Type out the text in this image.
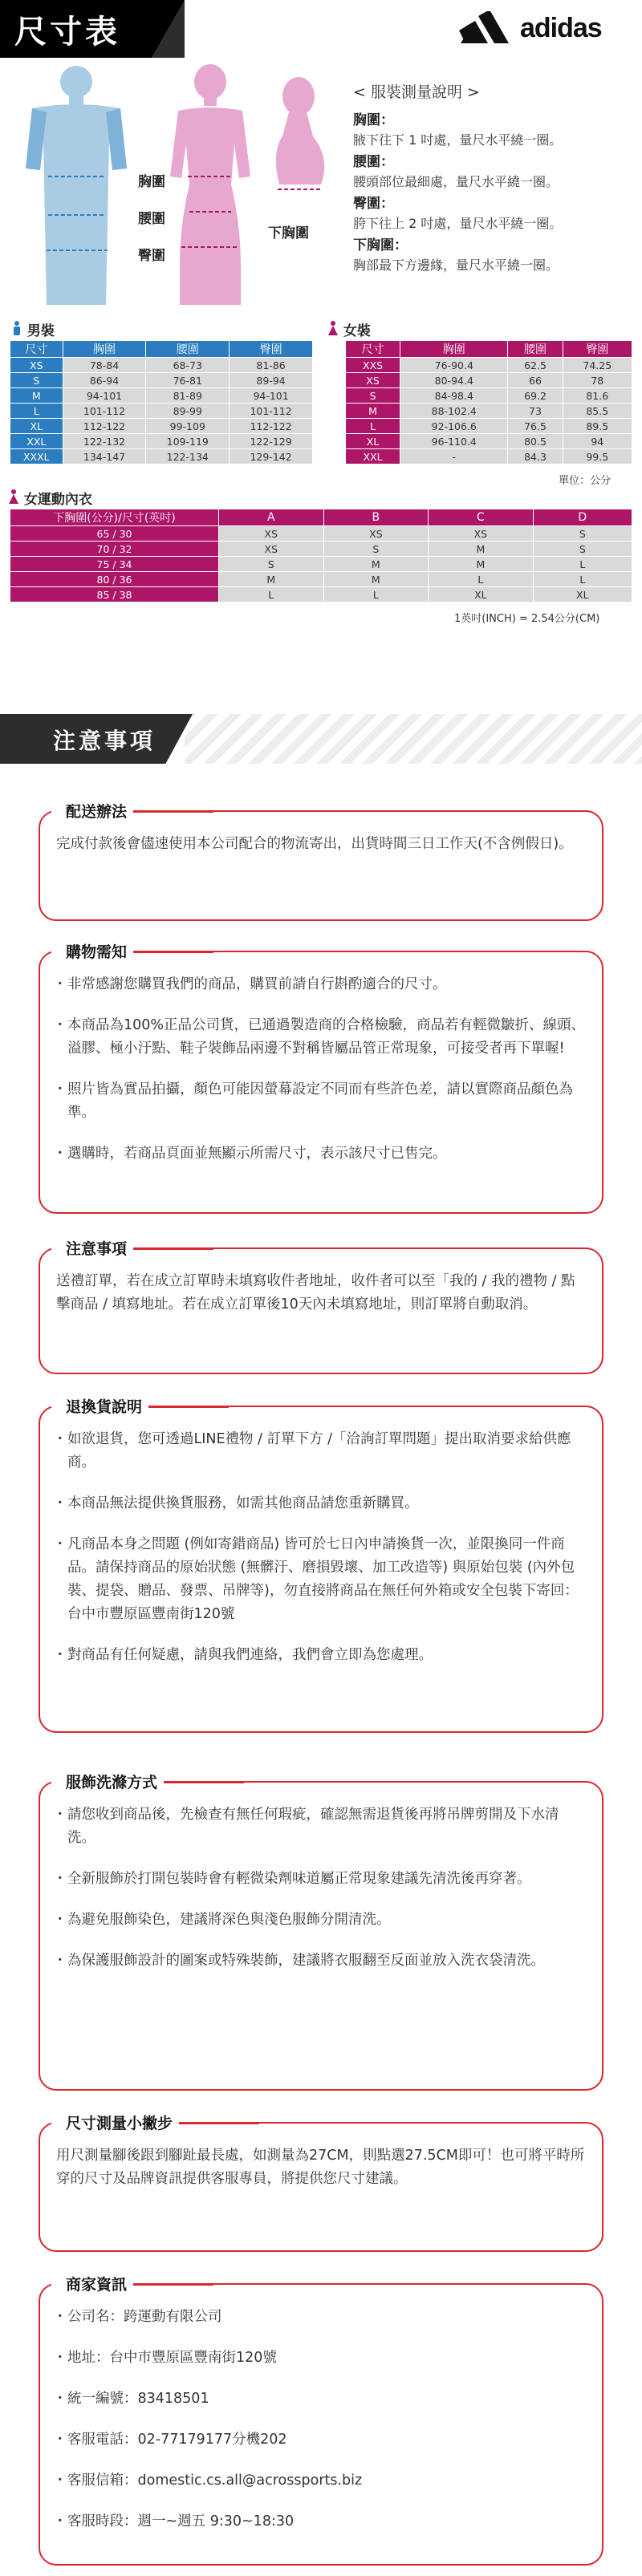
尺寸表	adidas
胸圍
腰圍
臀圍
下胸圍
< 服裝測量說明 >
胸圍：
腋下往下 1 吋處，量尺水平繞一圈。
腰圍：
腰頭部位最細處，量尺水平繞一圈。
臀圍：
胯下往上 2 吋處，量尺水平繞一圈。
下胸圍：
胸部最下方邊緣，量尺水平繞一圈。
男裝
尺寸	胸圍	腰圍	臀圍
XS	78-84	68-73	81-86
S	86-94	76-81	89-94
M	94-101	81-89	94-101
L	101-112	89-99	101-112
XL	112-122	99-109	112-122
XXL	122-132	109-119	122-129
XXXL	134-147	122-134	129-142
女裝
尺寸	胸圍	腰圍	臀圍
XXS	76-90.4	62.5	74.25
XS	80-94.4	66	78
S	84-98.4	69.2	81.6
M	88-102.4	73	85.5
L	92-106.6	76.5	89.5
XL	96-110.4	80.5	94
XXL	-	84.3	99.5
單位：公分
女運動內衣
下胸圍(公分)/尺寸(英吋)	A	B	C	D
65 / 30	XS	XS	XS	S
70 / 32	XS	S	M	S
75 / 34	S	M	M	L
80 / 36	M	M	L	L
85 / 38	L	L	XL	XL
1英吋(INCH) = 2.54公分(CM)
注意事項
配送辦法

完成付款後會儘速使用本公司配合的物流寄出，出貨時間三日工作天(不含例假日)。

購物需知

・ 非常感謝您購買我們的商品，購買前請自行斟酌適合的尺寸。

・ 本商品為100%正品公司貨，已通過製造商的合格檢驗，商品若有輕微皺折、線頭、溢膠、極小汙點、鞋子裝飾品兩邊不對稱皆屬品管正常現象，可接受者再下單喔!

・ 照片皆為實品拍攝，顏色可能因螢幕設定不同而有些許色差，請以實際商品顏色為準。

・ 選購時，若商品頁面並無顯示所需尺寸，表示該尺寸已售完。

注意事項

送禮訂單，若在成立訂單時未填寫收件者地址，收件者可以至「我的 / 我的禮物 / 點擊商品 / 填寫地址。若在成立訂單後10天內未填寫地址，則訂單將自動取消。

退換貨說明

・ 如欲退貨，您可透過LINE禮物 / 訂單下方 /「洽詢訂單問題」提出取消要求給供應商。

・ 本商品無法提供換貨服務，如需其他商品請您重新購買。

・ 凡商品本身之問題 (例如寄錯商品) 皆可於七日內申請換貨一次，並限換同一件商品。請保持商品的原始狀態 (無髒汙、磨損毀壞、加工改造等) 與原始包裝 (內外包裝、提袋、贈品、發票、吊牌等)，勿直接將商品在無任何外箱或安全包裝下寄回：台中市豐原區豐南街120號

・ 對商品有任何疑慮，請與我們連絡，我們會立即為您處理。

服飾洗滌方式

・ 請您收到商品後，先檢查有無任何瑕疵，確認無需退貨後再將吊牌剪開及下水清洗。

・ 全新服飾於打開包裝時會有輕微染劑味道屬正常現象建議先清洗後再穿著。

・ 為避免服飾染色，建議將深色與淺色服飾分開清洗。

・ 為保護服飾設計的圖案或特殊裝飾，建議將衣服翻至反面並放入洗衣袋清洗。

尺寸測量小撇步

用尺測量腳後跟到腳趾最長處，如測量為27CM，則點選27.5CM即可！也可將平時所穿的尺寸及品牌資訊提供客服專員，將提供您尺寸建議。

商家資訊

・ 公司名：跨運動有限公司

・ 地址：台中市豐原區豐南街120號

・ 統一編號：83418501

・ 客服電話：02-77179177分機202

・ 客服信箱：domestic.cs.all@acrossports.biz

・ 客服時段：週一~週五 9:30~18:30
